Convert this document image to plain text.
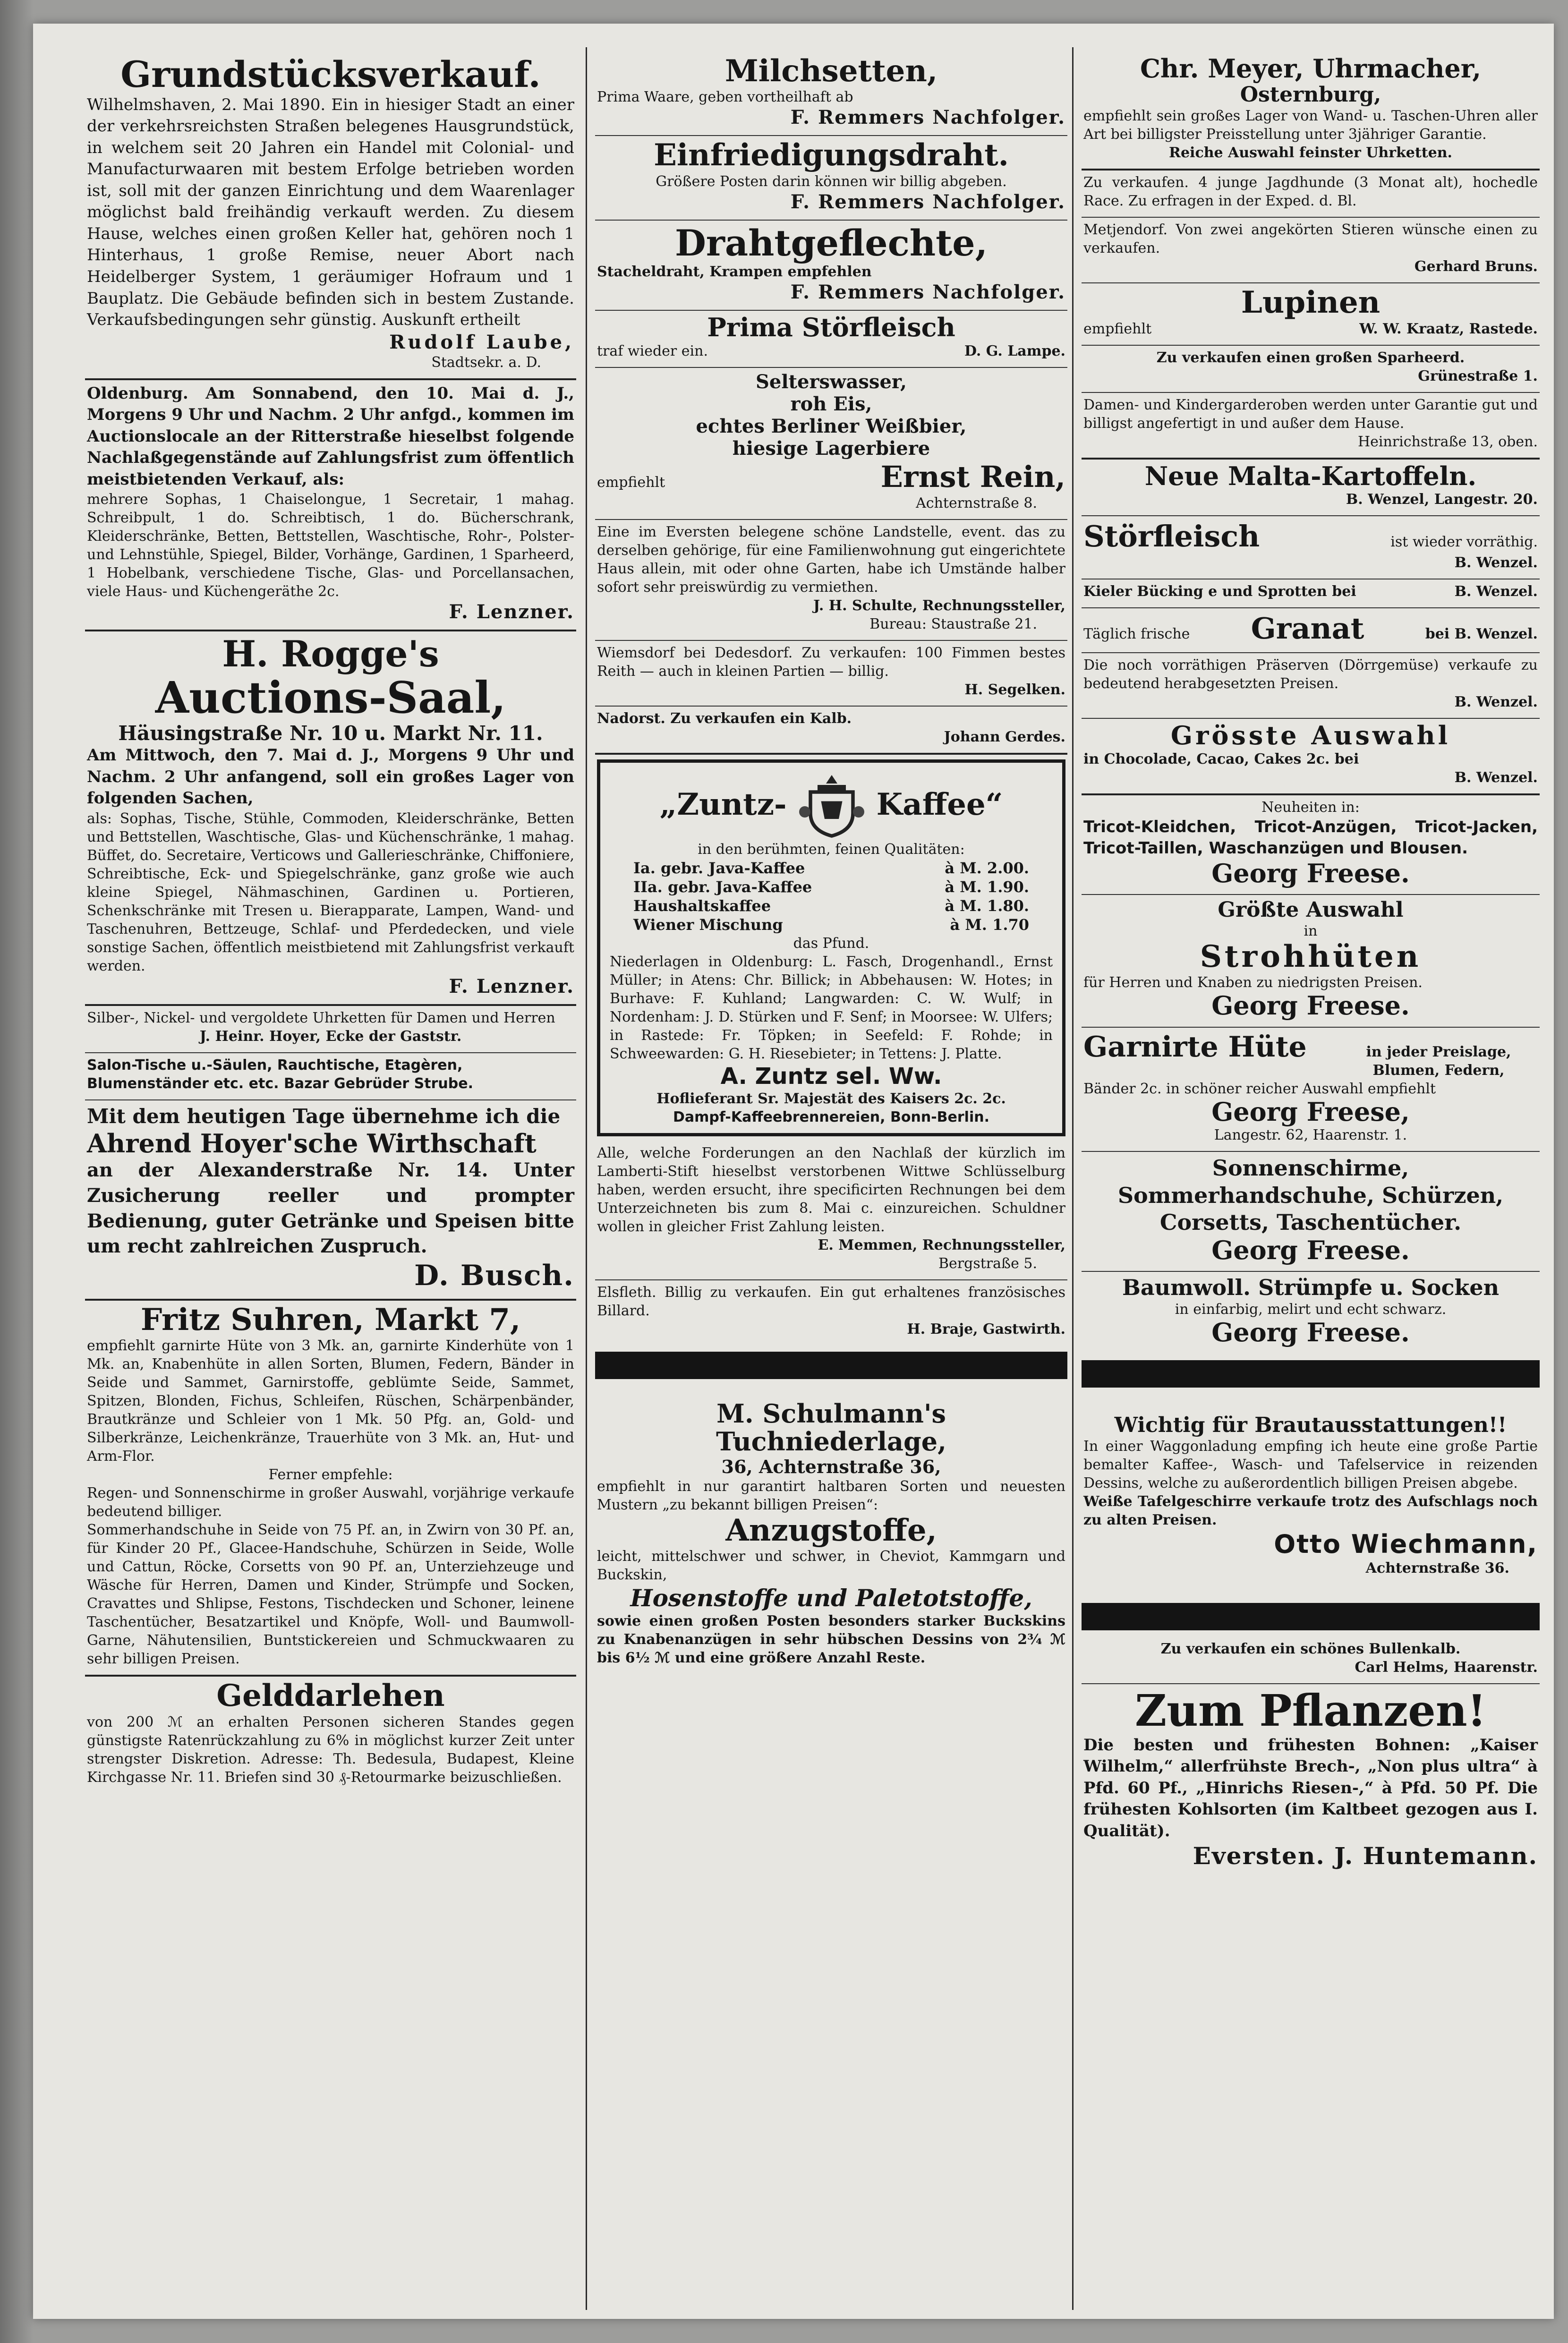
Grundstücksverkauf.
Wilhelmshaven, 2. Mai 1890. Ein in hiesiger Stadt an einer der verkehrsreichsten Straßen belegenes Hausgrundstück, in welchem seit 20 Jahren ein Handel mit Colonial- und Manufacturwaaren mit bestem Erfolge betrieben worden ist, soll mit der ganzen Einrichtung und dem Waarenlager möglichst bald freihändig verkauft werden. Zu diesem Hause, welches einen großen Keller hat, gehören noch 1 Hinterhaus, 1 große Remise, neuer Abort nach Heidelberger System, 1 geräumiger Hofraum und 1 Bauplatz. Die Gebäude befinden sich in bestem Zustande. Verkaufsbedingungen sehr günstig. Auskunft ertheilt
Rudolf Laube,
Stadtsekr. a. D.
Oldenburg. Am Sonnabend, den 10. Mai d. J., Morgens 9 Uhr und Nachm. 2 Uhr anfgd., kommen im Auctionslocale an der Ritterstraße hieselbst folgende Nachlaßgegenstände auf Zahlungsfrist zum öffentlich meistbietenden Verkauf, als:
mehrere Sophas, 1 Chaiselongue, 1 Secretair, 1 mahag. Schreibpult, 1 do. Schreibtisch, 1 do. Bücherschrank, Kleiderschränke, Betten, Bettstellen, Waschtische, Rohr-, Polster- und Lehnstühle, Spiegel, Bilder, Vorhänge, Gardinen, 1 Sparheerd, 1 Hobelbank, verschiedene Tische, Glas- und Porcellansachen, viele Haus- und Küchengeräthe 2c.
F. Lenzner.
H. Rogge's
Auctions-Saal,
Häusingstraße Nr. 10 u. Markt Nr. 11.
Am Mittwoch, den 7. Mai d. J., Morgens 9 Uhr und Nachm. 2 Uhr anfangend, soll ein großes Lager von folgenden Sachen,
als: Sophas, Tische, Stühle, Commoden, Kleiderschränke, Betten und Bettstellen, Waschtische, Glas- und Küchenschränke, 1 mahag. Büffet, do. Secretaire, Verticows und Gallerieschränke, Chiffoniere, Schreibtische, Eck- und Spiegelschränke, ganz große wie auch kleine Spiegel, Nähmaschinen, Gardinen u. Portieren, Schenkschränke mit Tresen u. Bierapparate, Lampen, Wand- und Taschenuhren, Bettzeuge, Schlaf- und Pferdedecken, und viele sonstige Sachen, öffentlich meistbietend mit Zahlungsfrist verkauft werden.
F. Lenzner.
Silber-, Nickel- und vergoldete Uhrketten für Damen und Herren
J. Heinr. Hoyer, Ecke der Gaststr.
Salon-Tische u.-Säulen, Rauchtische, Etagèren,
Blumenständer etc. etc. Bazar Gebrüder Strube.
Mit dem heutigen Tage übernehme ich die
Ahrend Hoyer'sche Wirthschaft
an der Alexanderstraße Nr. 14. Unter Zusicherung reeller und prompter Bedienung, guter Getränke und Speisen bitte um recht zahlreichen Zuspruch.
D. Busch.
Fritz Suhren, Markt 7,
empfiehlt garnirte Hüte von 3 Mk. an, garnirte Kinderhüte von 1 Mk. an, Knabenhüte in allen Sorten, Blumen, Federn, Bänder in Seide und Sammet, Garnirstoffe, geblümte Seide, Sammet, Spitzen, Blonden, Fichus, Schleifen, Rüschen, Schärpenbänder, Brautkränze und Schleier von 1 Mk. 50 Pfg. an, Gold- und Silberkränze, Leichenkränze, Trauerhüte von 3 Mk. an, Hut- und Arm-Flor.
Ferner empfehle:
Regen- und Sonnenschirme in großer Auswahl, vorjährige verkaufe bedeutend billiger.
Sommerhandschuhe in Seide von 75 Pf. an, in Zwirn von 30 Pf. an, für Kinder 20 Pf., Glacee-Handschuhe, Schürzen in Seide, Wolle und Cattun, Röcke, Corsetts von 90 Pf. an, Unterziehzeuge und Wäsche für Herren, Damen und Kinder, Strümpfe und Socken, Cravattes und Shlipse, Festons, Tischdecken und Schoner, leinene Taschentücher, Besatzartikel und Knöpfe, Woll- und Baumwoll-Garne, Nähutensilien, Buntstickereien und Schmuckwaaren zu sehr billigen Preisen.
Gelddarlehen
von 200 ℳ an erhalten Personen sicheren Standes gegen günstigste Ratenrückzahlung zu 6% in möglichst kurzer Zeit unter strengster Diskretion. Adresse: Th. Bedesula, Budapest, Kleine Kirchgasse Nr. 11. Briefen sind 30 ₰-Retourmarke beizuschließen.
Milchsetten,
Prima Waare, geben vortheilhaft ab
F. Remmers Nachfolger.
Einfriedigungsdraht.
Größere Posten darin können wir billig abgeben.
F. Remmers Nachfolger.
Drahtgeflechte,
Stacheldraht, Krampen empfehlen
F. Remmers Nachfolger.
Prima Störfleisch
traf wieder ein.	D. G. Lampe.
Selterswasser,
roh Eis,
echtes Berliner Weißbier,
hiesige Lagerbiere
empfiehlt	Ernst Rein,
Achternstraße 8.
Eine im Eversten belegene schöne Landstelle, event. das zu derselben gehörige, für eine Familienwohnung gut eingerichtete Haus allein, mit oder ohne Garten, habe ich Umstände halber sofort sehr preiswürdig zu vermiethen.
J. H. Schulte, Rechnungssteller,
Bureau: Staustraße 21.
Wiemsdorf bei Dedesdorf. Zu verkaufen: 100 Fimmen bestes Reith — auch in kleinen Partien — billig.
H. Segelken.
Nadorst. Zu verkaufen ein Kalb.
Johann Gerdes.
„Zuntz-	Kaffee“
in den berühmten, feinen Qualitäten:
Ia. gebr. Java-Kaffee	à M. 2.00.
IIa. gebr. Java-Kaffee	à M. 1.90.
Haushaltskaffee	à M. 1.80.
Wiener Mischung	à M. 1.70
das Pfund.
Niederlagen in Oldenburg: L. Fasch, Drogenhandl., Ernst Müller; in Atens: Chr. Billick; in Abbehausen: W. Hotes; in Burhave: F. Kuhland; Langwarden: C. W. Wulf; in Nordenham: J. D. Stürken und F. Senf; in Moorsee: W. Ulfers; in Rastede: Fr. Töpken; in Seefeld: F. Rohde; in Schweewarden: G. H. Riesebieter; in Tettens: J. Platte.
A. Zuntz sel. Ww.
Hoflieferant Sr. Majestät des Kaisers 2c. 2c.
Dampf-Kaffeebrennereien, Bonn-Berlin.
Alle, welche Forderungen an den Nachlaß der kürzlich im Lamberti-Stift hieselbst verstorbenen Wittwe Schlüsselburg haben, werden ersucht, ihre specificirten Rechnungen bei dem Unterzeichneten bis zum 8. Mai c. einzureichen. Schuldner wollen in gleicher Frist Zahlung leisten.
E. Memmen, Rechnungssteller,
Bergstraße 5.
Elsfleth. Billig zu verkaufen. Ein gut erhaltenes französisches Billard.
H. Braje, Gastwirth.
M. Schulmann's Tuchniederlage,
36, Achternstraße 36,
empfiehlt in nur garantirt haltbaren Sorten und neuesten Mustern „zu bekannt billigen Preisen“:
Anzugstoffe,
leicht, mittelschwer und schwer, in Cheviot, Kammgarn und Buckskin,
Hosenstoffe und Paletotstoffe,
sowie einen großen Posten besonders starker Buckskins zu Knabenanzügen in sehr hübschen Dessins von 2¾ ℳ bis 6½ ℳ und eine größere Anzahl Reste.
Chr. Meyer, Uhrmacher,
Osternburg,
empfiehlt sein großes Lager von Wand- u. Taschen-Uhren aller Art bei billigster Preisstellung unter 3jähriger Garantie.
Reiche Auswahl feinster Uhrketten.
Zu verkaufen. 4 junge Jagdhunde (3 Monat alt), hochedle Race. Zu erfragen in der Exped. d. Bl.
Metjendorf. Von zwei angekörten Stieren wünsche einen zu verkaufen.
Gerhard Bruns.
Lupinen
empfiehlt	W. W. Kraatz, Rastede.
Zu verkaufen einen großen Sparheerd.
Grünestraße 1.
Damen- und Kindergarderoben werden unter Garantie gut und billigst angefertigt in und außer dem Hause.
Heinrichstraße 13, oben.
Neue Malta-Kartoffeln.
B. Wenzel, Langestr. 20.
Störfleisch	ist wieder vorräthig.
B. Wenzel.
Kieler Bücking e und Sprotten bei	B. Wenzel.
Täglich frische Granat	bei B. Wenzel.
Die noch vorräthigen Präserven (Dörrgemüse) verkaufe zu bedeutend herabgesetzten Preisen.
B. Wenzel.
Grösste Auswahl
in Chocolade, Cacao, Cakes 2c. bei
B. Wenzel.
Neuheiten in:
Tricot-Kleidchen, Tricot-Anzügen, Tricot-Jacken, Tricot-Taillen, Waschanzügen und Blousen.
Georg Freese.
Größte Auswahl
in
Strohhüten
für Herren und Knaben zu niedrigsten Preisen.
Georg Freese.
Garnirte Hüte	in jeder Preislage, Blumen, Federn,
Bänder 2c. in schöner reicher Auswahl empfiehlt
Georg Freese,
Langestr. 62, Haarenstr. 1.
Sonnenschirme, Sommerhandschuhe, Schürzen, Corsetts, Taschentücher.
Georg Freese.
Baumwoll. Strümpfe u. Socken
in einfarbig, melirt und echt schwarz.
Georg Freese.
Wichtig für Brautausstattungen!!
In einer Waggonladung empfing ich heute eine große Partie bemalter Kaffee-, Wasch- und Tafelservice in reizenden Dessins, welche zu außerordentlich billigen Preisen abgebe.
Weiße Tafelgeschirre verkaufe trotz des Aufschlags noch zu alten Preisen.
Otto Wiechmann,
Achternstraße 36.
Zu verkaufen ein schönes Bullenkalb.
Carl Helms, Haarenstr.
Zum Pflanzen!
Die besten und frühesten Bohnen: „Kaiser Wilhelm,“ allerfrühste Brech-, „Non plus ultra“ à Pfd. 60 Pf., „Hinrichs Riesen-,“ à Pfd. 50 Pf. Die frühesten Kohlsorten (im Kaltbeet gezogen aus I. Qualität).
Eversten. J. Huntemann.
